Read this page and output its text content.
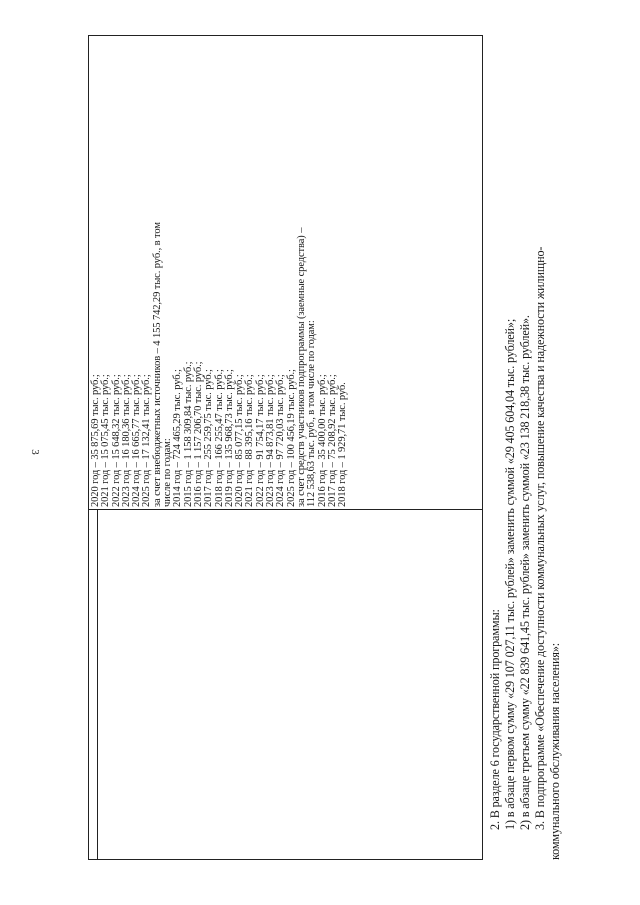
3	2020 год – 35 875,69 тыс. руб.; 2021 год – 15 075,45 тыс. руб.; 2022 год – 15 648,32 тыс. руб.; 2023 год – 16 180,36 тыс. руб.; 2024 год – 16 665,77 тыс. руб.; 2025 год – 17 132,41 тыс. руб.; за счет внебюджетных источников – 4 155 742,29 тыс. руб., в том числе по годам: 2014 год – 724 465,29 тыс. руб.; 2015 год – 1 158 309,84 тыс. руб.; 2016 год – 1 157 206,70 тыс. руб.; 2017 год – 255 259,75 тыс. руб.; 2018 год – 166 255,47 тыс. руб.; 2019 год – 135 968,73 тыс. руб.; 2020 год – 85 077,15 тыс. руб.; 2021 год – 88 395,16 тыс. руб.; 2022 год – 91 754,17 тыс. руб.; 2023 год – 94 873,81 тыс. руб.; 2024 год – 97 720,03 тыс. руб.; 2025 год – 100 456,19 тыс. руб.; за счет средств участников подпрограммы (заемные средства) – 112 538,63 тыс. руб., в том числе по годам: 2016 год – 35 400,00 тыс. руб.; 2017 год – 75 208,92 тыс. руб.; 2018 год – 1 929,71 тыс. руб.
2. В разделе 6 государственной программы: 1) в абзаце первом сумму «29 107 027,11 тыс. рублей» заменить суммой «29 405 604,04 тыс. рублей»; 2) в абзаце третьем сумму «22 839 641,45 тыс. рублей» заменить суммой «23 138 218,38 тыс. рублей». 3. В подпрограмме «Обеспечение доступности коммунальных услуг, повышение качества и надежности жилищно- коммунального обслуживания населения»:
